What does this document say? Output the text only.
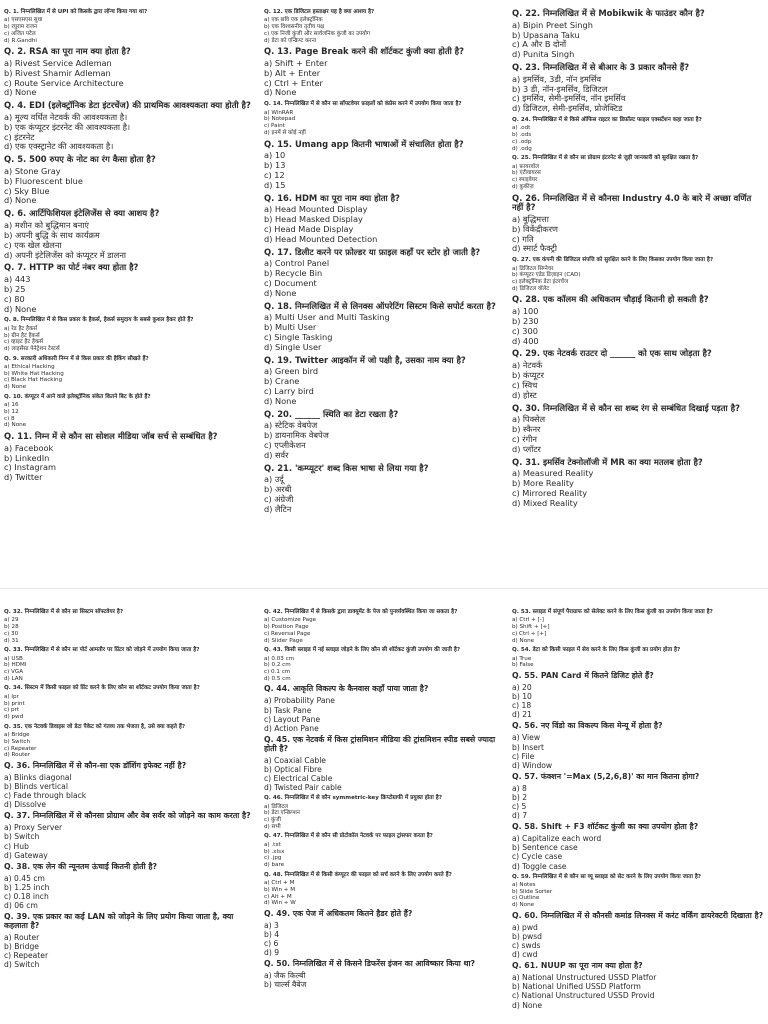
Q. 1. निम्नलिखित में से UPI को किसके द्वारा लॉन्च किया गया था?
a) एसएसएस सुधा
b) रघुराम राजन
c) अजित पटेल
d) R.Gandhi
Q. 2. RSA का पूरा नाम क्या होता है?
a) Rivest Service Adleman
b) Rivest Shamir Adleman
c) Route Service Architecture
d) None
Q. 4. EDI (इलेक्ट्रॉनिक डेटा इंटरचेंज) की प्राथमिक आवश्यकता क्या होती है?
a) मूल्य वर्धित नेटवर्क की आवश्यकता है।
b) एक कंप्यूटर इंटरनेट की आवश्यकता है।
c) इंटरनेट
d) एक एक्स्ट्रानेट की आवश्यकता है।
Q. 5. 500 रुपए के नोट का रंग कैसा होता है?
a) Stone Gray
b) Fluorescent blue
c) Sky Blue
d) None
Q. 6. आर्टिफिशियल इंटेलिजेंस से क्या आशय है?
a) मशीन को बुद्धिमान बनाएं
b) अपनी बुद्धि के साथ कार्यक्रम
c) एक खेल खेलना
d) अपनी इंटेलिजेंस को कंप्यूटर में डालना
Q. 7. HTTP का पोर्ट नंबर क्या होता है?
a) 443
b) 25
c) 80
d) None
Q. 8. निम्नलिखित में से किस प्रकार के हैकर्स, हैकर्स समुदाय के सबसे कुशल हैकर होते हैं?
a) रेड हैट हैकर्स
b) ग्रीन हैट हैकर्स
c) व्हाइट हैट हैकर्स
d) लाइसेंस्ड पेनेट्रेशन टेस्टर्स
Q. 9. सरकारी अधिकारी निम्न में से किस प्रकार की हैकिंग सीखते हैं?
a) Ethical Hacking
b) White Hat Hacking
c) Black Hat Hacking
d) None
Q. 10. कंप्यूटर में आने वाले इलेक्ट्रॉनिक संकेत कितने बिट के होते हैं?
a) 16
b) 12
c) 8
d) None
Q. 11. निम्न में से कौन सा सोशल मीडिया जॉब सर्च से सम्बंधित है?
a) Facebook
b) LinkedIn
c) Instagram
d) Twitter
Q. 12. एक डिजिटल हस्ताक्षर यह है क्या आशय है?
a) एक छवि एक इलेक्ट्रॉनिक
b) एक विश्वसनीय तृतीय पक्ष
c) एक निजी कुंजी और सार्वजनिक कुंजी का उपयोग
d) डेटा को एन्क्रिप्ट करना
Q. 13. Page Break करने की शॉर्टकट कुंजी क्या होती है?
a) Shift + Enter
b) Alt + Enter
c) Ctrl + Enter
d) None
Q. 14. निम्नलिखित में से कौन सा सॉफ्टवेयर फ़ाइलों को कंप्रेस करने में उपयोग किया जाता है?
a) WinRAR
b) Notepad
c) Paint
d) इनमें से कोई नहीं
Q. 15. Umang app कितनी भाषाओं में संचालित होता है?
a) 10
b) 13
c) 12
d) 15
Q. 16. HDM का पूरा नाम क्या होता है?
a) Head Mounted Display
b) Head Masked Display
c) Head Made Display
d) Head Mounted Detection
Q. 17. डिलीट करने पर फ़ोल्डर या फ़ाइल कहाँ पर स्टोर हो जाती है?
a) Control Panel
b) Recycle Bin
c) Document
d) None
Q. 18. निम्नलिखित में से लिनक्स ऑपरेटिंग सिस्टम किसे सपोर्ट करता है?
a) Multi User and Multi Tasking
b) Multi User
c) Single Tasking
d) Single User
Q. 19. Twitter आइकॉन में जो पक्षी है, उसका नाम क्या है?
a) Green bird
b) Crane
c) Larry bird
d) None
Q. 20. ______ स्थिति का डेटा रखता है?
a) स्टेटिक वेबपेज
b) डायनामिक वेबपेज
c) एप्लीकेशन
d) सर्वर
Q. 21. 'कम्प्यूटर' शब्द किस भाषा से लिया गया है?
a) उर्दू
b) अरबी
c) अंग्रेजी
d) लैटिन
Q. 22. निम्नलिखित में से Mobikwik के फाउंडर कौन है?
a) Bipin Preet Singh
b) Upasana Taku
c) A और B दोनों
d) Punita Singh
Q. 23. निम्नलिखित में से बीआर के 3 प्रकार कौनसे हैं?
a) इमर्सिव, 3डी, नॉन इमर्सिव
b) 3 डी, नॉन-इमर्सिव, डिजिटल
c) इमर्सिव, सेमी-इमर्सिव, नॉन इमर्सिव
d) डिजिटल, सेमी-इमर्सिव, प्रोजेक्टिड
Q. 24. निम्नलिखित में से किसे ऑफिस राइटर का डिफ़ॉल्ट फाइल एक्सटेंशन कहा जाता है?
a) .odt
b) .ods
c) .odp
d) .odg
Q. 25. निम्नलिखित में से कौन सा प्रोग्राम इंटरनेट से जुड़ी जानकारी को सुरक्षित रखता है?
a) फ़ायरवॉल
b) एंटीवायरस
c) स्पाइवेयर
d) कुकीज़
Q. 26. निम्नलिखित में से कौनसा Industry 4.0 के बारे में अच्छा वर्णित नहीं है?
a) बुद्धिमत्ता
b) विकेंद्रीकरण
c) गति
d) स्मार्ट फैक्ट्री
Q. 27. एक कंपनी की डिजिटल संपत्ति को सुरक्षित करने के लिए किसका उपयोग किया जाता है?
a) डिजिटल सिग्नेचर
b) कंप्यूटर एडेड डिज़ाइन (CAD)
c) इलेक्ट्रॉनिक डेटा इंटरचेंज
d) डिजिटल वॉलेट
Q. 28. एक कॉलम की अधिकतम चौड़ाई कितनी हो सकती है?
a) 100
b) 230
c) 300
d) 400
Q. 29. एक नेटवर्क राउटर दो ______ को एक साथ जोड़ता है?
a) नेटवर्क
b) कंप्यूटर
c) स्विच
d) होस्ट
Q. 30. निम्नलिखित में से कौन सा शब्द रंग से सम्बंधित दिखाई पड़ता है?
a) पिक्सेल
b) स्कैनर
c) रंगीन
d) प्लॉटर
Q. 31. इमर्सिव टेक्नोलॉजी में MR का क्या मतलब होता है?
a) Measured Reality
b) More Reality
c) Mirrored Reality
d) Mixed Reality
Q. 32. निम्नलिखित में से कौन सा सिस्टम सॉफ्टवेयर है?
a) 29
b) 28
c) 30
d) 31
Q. 33. निम्नलिखित में से कौन सा पोर्ट आमतौर पर प्रिंटर को जोड़ने में उपयोग किया जाता है?
a) USB
b) HDMI
c) VGA
d) LAN
Q. 34. सिस्टम में किसी फाइल को प्रिंट करने के लिए कौन सा शॉर्टकट उपयोग किया जाता है?
a) lpr
b) print
c) prt
d) pwd
Q. 35. एक नेटवर्क डिवाइस जो डेटा पैकेट को गंतव्य तक भेजता है, उसे क्या कहते हैं?
a) Bridge
b) Switch
c) Repeater
d) Router
Q. 36. निम्नलिखित में से कौन-सा एक डाॅशिंग इफेक्ट नहीं है?
a) Blinks diagonal
b) Blinds vertical
c) Fade through black
d) Dissolve
Q. 37. निम्नलिखित में से कौनसा प्रोग्राम और वेब सर्वर को जोड़ने का काम करता है?
a) Proxy Server
b) Switch
c) Hub
d) Gateway
Q. 38. एक लेन की न्यूनतम ऊंचाई कितनी होती है?
a) 0.45 cm
b) 1.25 inch
c) 0.18 inch
d) 06 cm
Q. 39. एक प्रकार का कई LAN को जोड़ने के लिए प्रयोग किया जाता है, क्या कहलाता है?
a) Router
b) Bridge
c) Repeater
d) Switch
Q. 42. निम्नलिखित में से किसके द्वारा डाक्यूमेंट के पेज को पुनर्व्यवस्थित किया जा सकता है?
a) Customize Page
b) Position Page
c) Reversal Page
d) Slider Page
Q. 43. किसी स्लाइड में नई स्लाइड जोड़ने के लिए कौन सी शॉर्टकट कुंजी उपयोग की जाती है?
a) 0.03 cm
b) 0.2 cm
c) 0.1 cm
d) 0.5 cm
Q. 44. आकृति विकल्प के कैनवास कहाँ पाया जाता है?
a) Probability Pane
b) Task Pane
c) Layout Pane
d) Action Pane
Q. 45. एक नेटवर्क में किस ट्रांसमिशन मीडिया की ट्रांसमिशन स्पीड सबसे ज्यादा होती है?
a) Coaxial Cable
b) Optical Fibre
c) Electrical Cable
d) Twisted Pair cable
Q. 46. निम्नलिखित में से कौन symmetric-key क्रिप्टोग्राफी में प्रयुक्त होता है?
a) डिजिटल
b) डेटा एन्क्रिप्शन
c) कुंजी
d) सभी
Q. 47. निम्नलिखित में से कौन सी प्रोटोकॉल नेटवर्क पर फाइल ट्रांसफर करता है?
a) .txt
b) .xlsx
c) .jpg
d) bare
Q. 48. निम्नलिखित में से किसी कंप्यूटर की फाइल को सर्च करने के लिए उपयोग करते हैं?
a) Ctrl + M
b) Win + M
c) Alt + M
d) Win + W
Q. 49. एक पेज में अधिकतम कितने हैडर होते हैं?
a) 3
b) 4
c) 6
d) 9
Q. 50. निम्नलिखित में से किसने डिफरेंस इंजन का आविष्कार किया था?
a) जैक किल्बी
b) चार्ल्स बैबेज
Q. 53. स्लाइड में संपूर्ण पैराग्राफ को सेलेक्ट करने के लिए किस कुंजी का उपयोग किया जाता है?
a) Ctrl + [-]
b) Shift + [+]
c) Ctrl + [+]
d) None
Q. 54. डेटा को किसी फाइल में सेव करने के लिए किस कुंजी का प्रयोग होता है?
a) True
b) False
Q. 55. PAN Card में कितने डिजिट होते हैं?
a) 20
b) 10
c) 18
d) 21
Q. 56. नए विंडो का विकल्प किस मेन्यू में होता है?
a) View
b) Insert
c) File
d) Window
Q. 57. फंक्शन '=Max (5,2,6,8)' का मान कितना होगा?
a) 8
b) 2
c) 5
d) 7
Q. 58. Shift + F3 शॉर्टकट कुंजी का क्या उपयोग होता है?
a) Capitalize each word
b) Sentence case
c) Cycle case
d) Toggle case
Q. 59. निम्नलिखित में से कौन सा व्यू स्लाइड को सेट करने के लिए उपयोग किया जाता है?
a) Notes
b) Slide Sorter
c) Outline
d) None
Q. 60. निम्नलिखित में से कौनसी कमांड लिनक्स में करंट वर्किंग डायरेक्टरी दिखाता है?
a) pwd
b) pwsd
c) swds
d) cwd
Q. 61. NUUP का पूरा नाम क्या होता है?
a) National Unstructured USSD Platfor
b) National Unified USSD Platform
c) National Unstructured USSD Provid
d) None
